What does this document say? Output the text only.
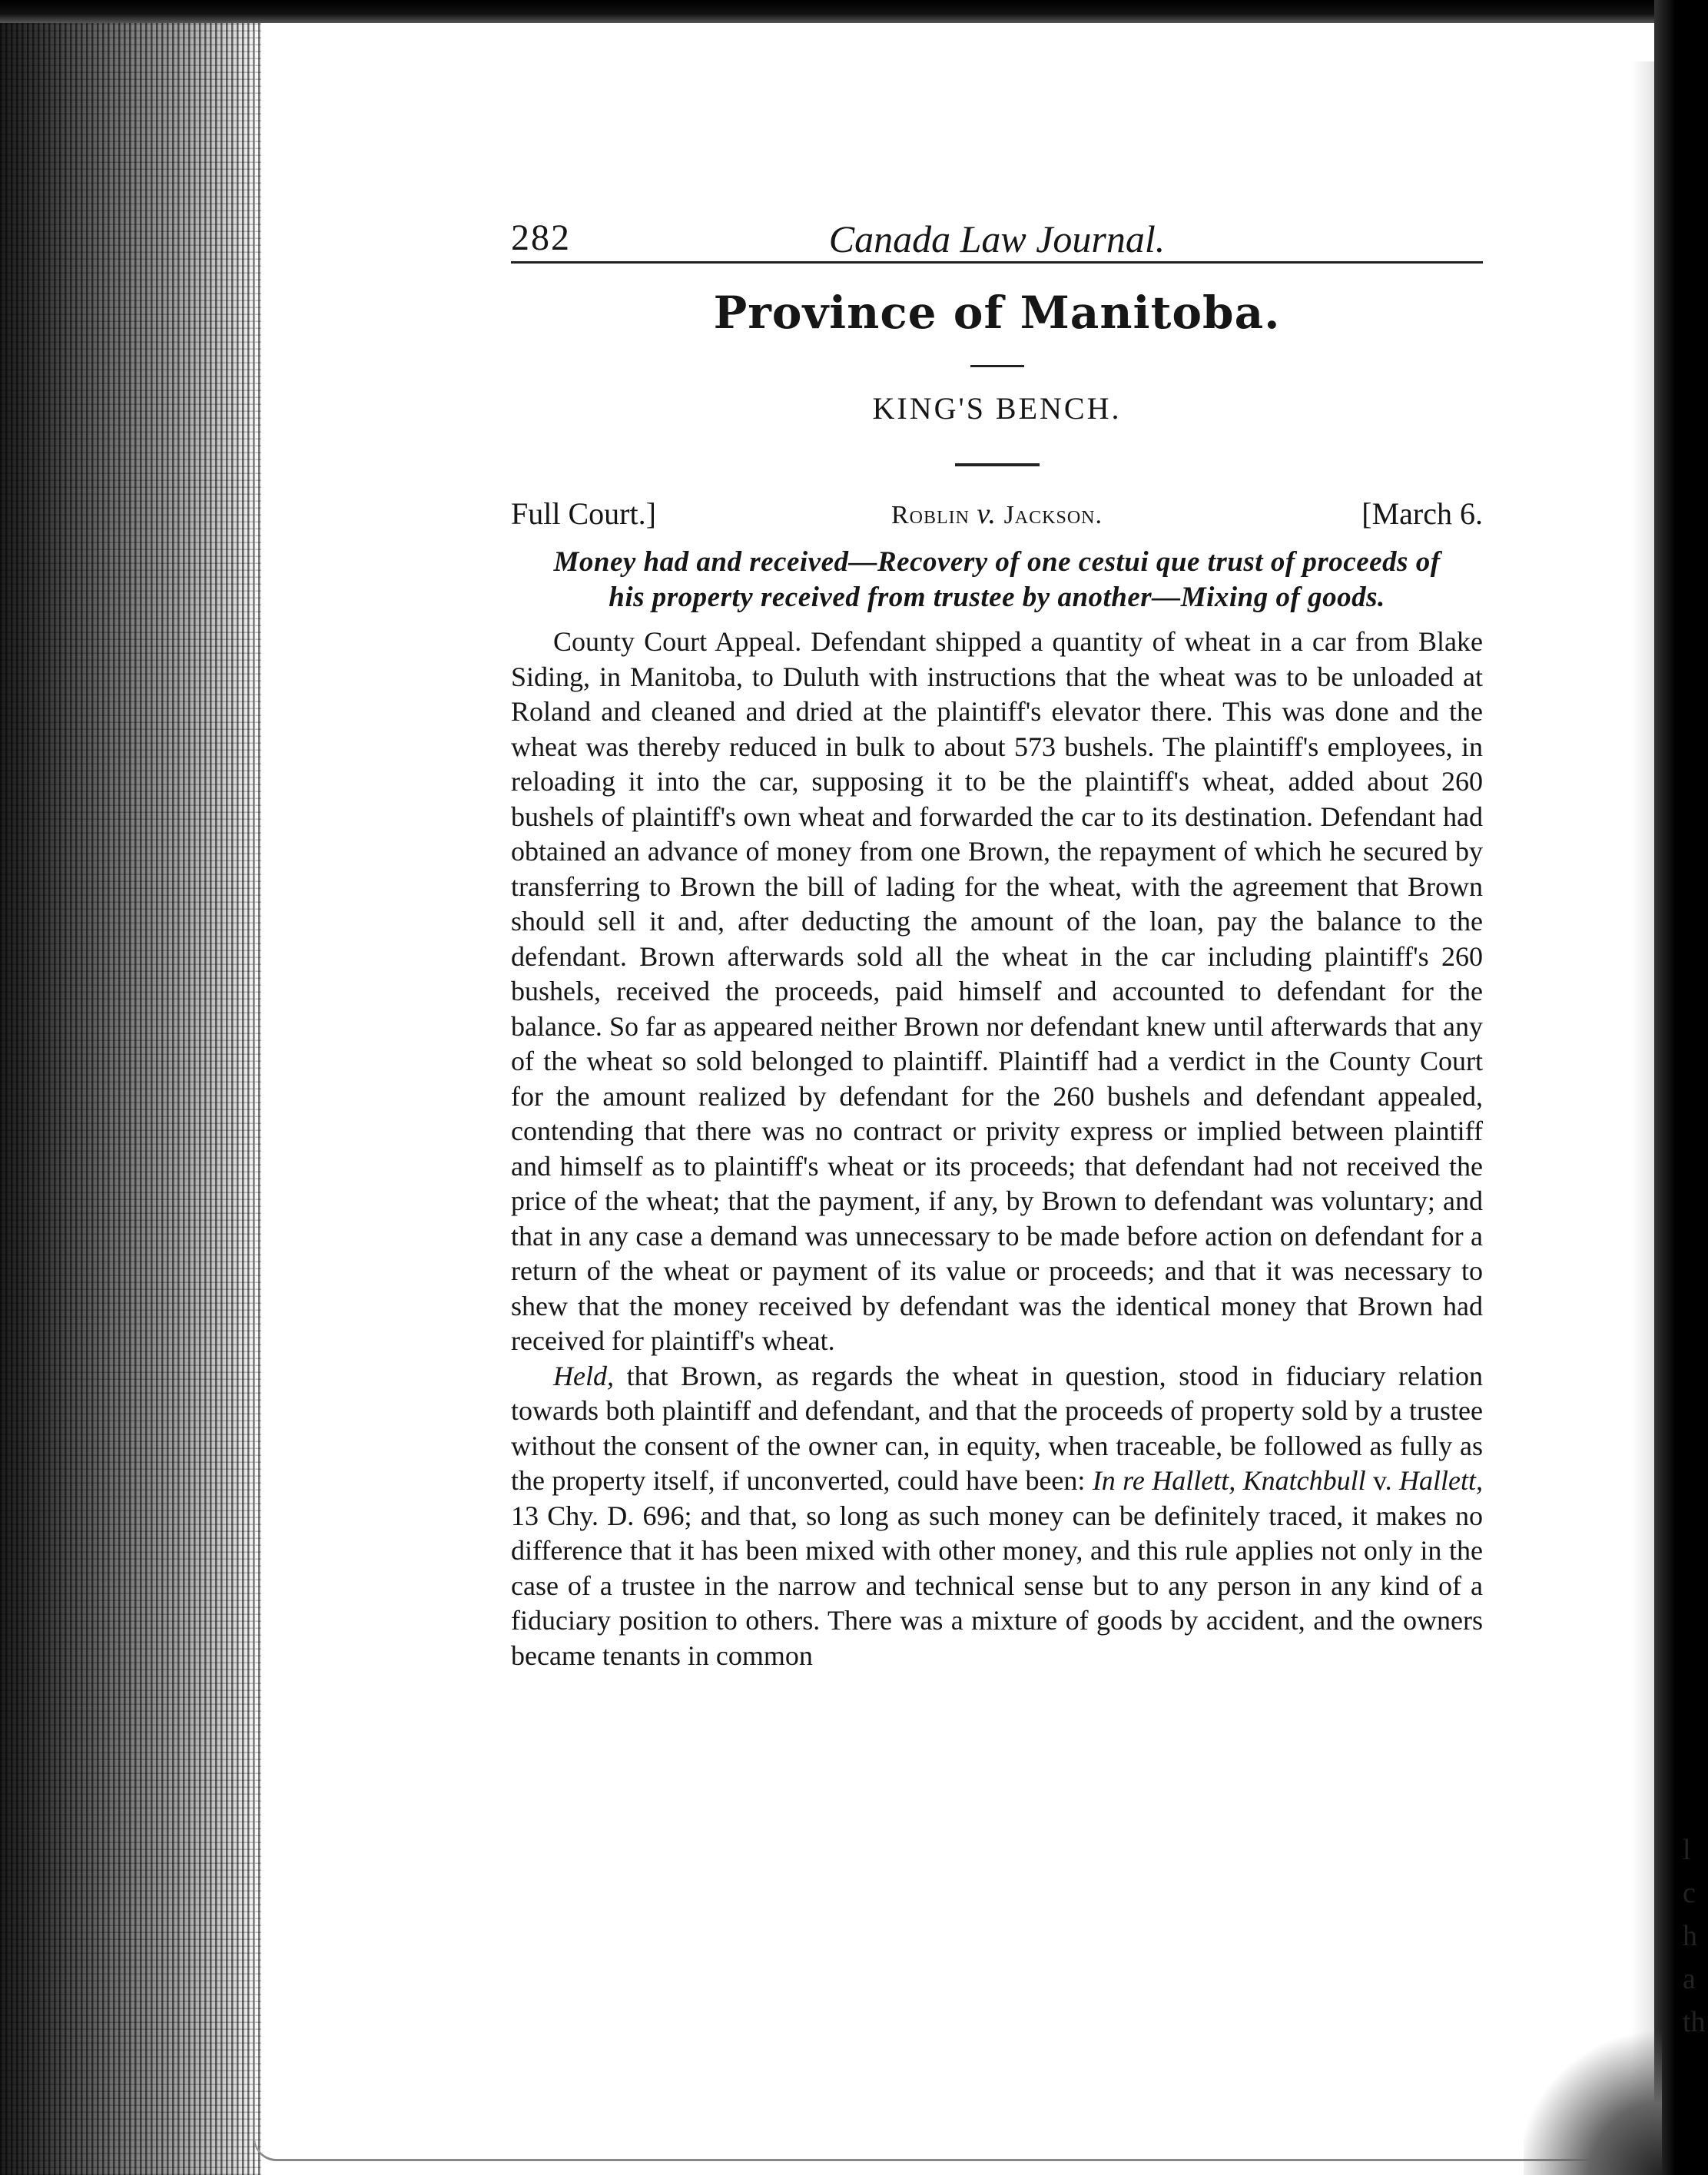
l
c
h
a
th
282	Canada Law Journal.
Province of Manitoba.
KING'S BENCH.
Full Court.]	Roblin v. Jackson.	[March 6.
Money had and received—Recovery of one cestui que trust of proceeds of
his property received from trustee by another—Mixing of goods.

County Court Appeal. Defendant shipped a quantity of wheat in a car from Blake Siding, in Manitoba, to Duluth with instructions that the wheat was to be unloaded at Roland and cleaned and dried at the plaintiff's elevator there. This was done and the wheat was thereby reduced in bulk to about 573 bushels. The plaintiff's employees, in reloading it into the car, supposing it to be the plaintiff's wheat, added about 260 bushels of plaintiff's own wheat and forwarded the car to its destination. Defendant had obtained an advance of money from one Brown, the repayment of which he secured by transferring to Brown the bill of lading for the wheat, with the agreement that Brown should sell it and, after deducting the amount of the loan, pay the balance to the defendant. Brown afterwards sold all the wheat in the car including plaintiff's 260 bushels, received the proceeds, paid himself and accounted to defendant for the balance. So far as appeared neither Brown nor defendant knew until afterwards that any of the wheat so sold belonged to plaintiff. Plaintiff had a verdict in the County Court for the amount realized by defendant for the 260 bushels and defendant appealed, contending that there was no contract or privity express or implied between plaintiff and himself as to plaintiff's wheat or its proceeds; that defendant had not received the price of the wheat; that the payment, if any, by Brown to defendant was voluntary; and that in any case a demand was unnecessary to be made before action on defendant for a return of the wheat or payment of its value or proceeds; and that it was necessary to shew that the money received by defendant was the identical money that Brown had received for plaintiff's wheat.

Held, that Brown, as regards the wheat in question, stood in fiduciary relation towards both plaintiff and defendant, and that the proceeds of property sold by a trustee without the consent of the owner can, in equity, when traceable, be followed as fully as the property itself, if unconverted, could have been: In re Hallett, Knatchbull v. Hallett, 13 Chy. D. 696; and that, so long as such money can be definitely traced, it makes no difference that it has been mixed with other money, and this rule applies not only in the case of a trustee in the narrow and technical sense but to any person in any kind of a fiduciary position to others. There was a mixture of goods by accident, and the owners became tenants in common
